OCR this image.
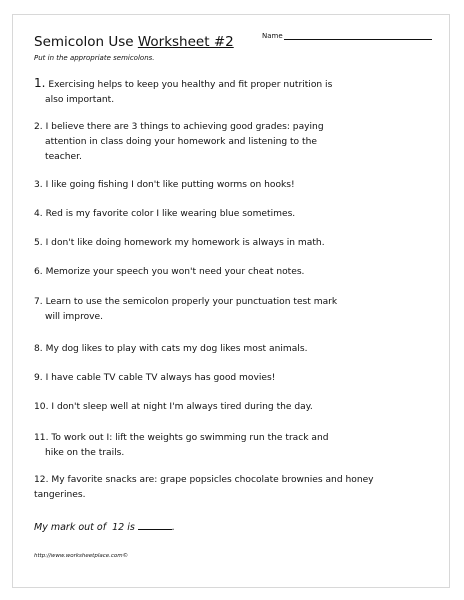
Semicolon Use Worksheet #2	Name
Put in the appropriate semicolons.
1. Exercising helps to keep you healthy and fit proper nutrition is
also important.
2. I believe there are 3 things to achieving good grades: paying
attention in class doing your homework and listening to the
teacher.
3. I like going fishing I don't like putting worms on hooks!
4. Red is my favorite color I like wearing blue sometimes.
5. I don't like doing homework my homework is always in math.
6. Memorize your speech you won't need your cheat notes.
7. Learn to use the semicolon properly your punctuation test mark
will improve.
8. My dog likes to play with cats my dog likes most animals.
9. I have cable TV cable TV always has good movies!
10. I don't sleep well at night I'm always tired during the day.
11. To work out I: lift the weights go swimming run the track and
hike on the trails.
12. My favorite snacks are: grape popsicles chocolate brownies and honey
tangerines.
My mark out of 12 is	.
http://www.worksheetplace.com©
